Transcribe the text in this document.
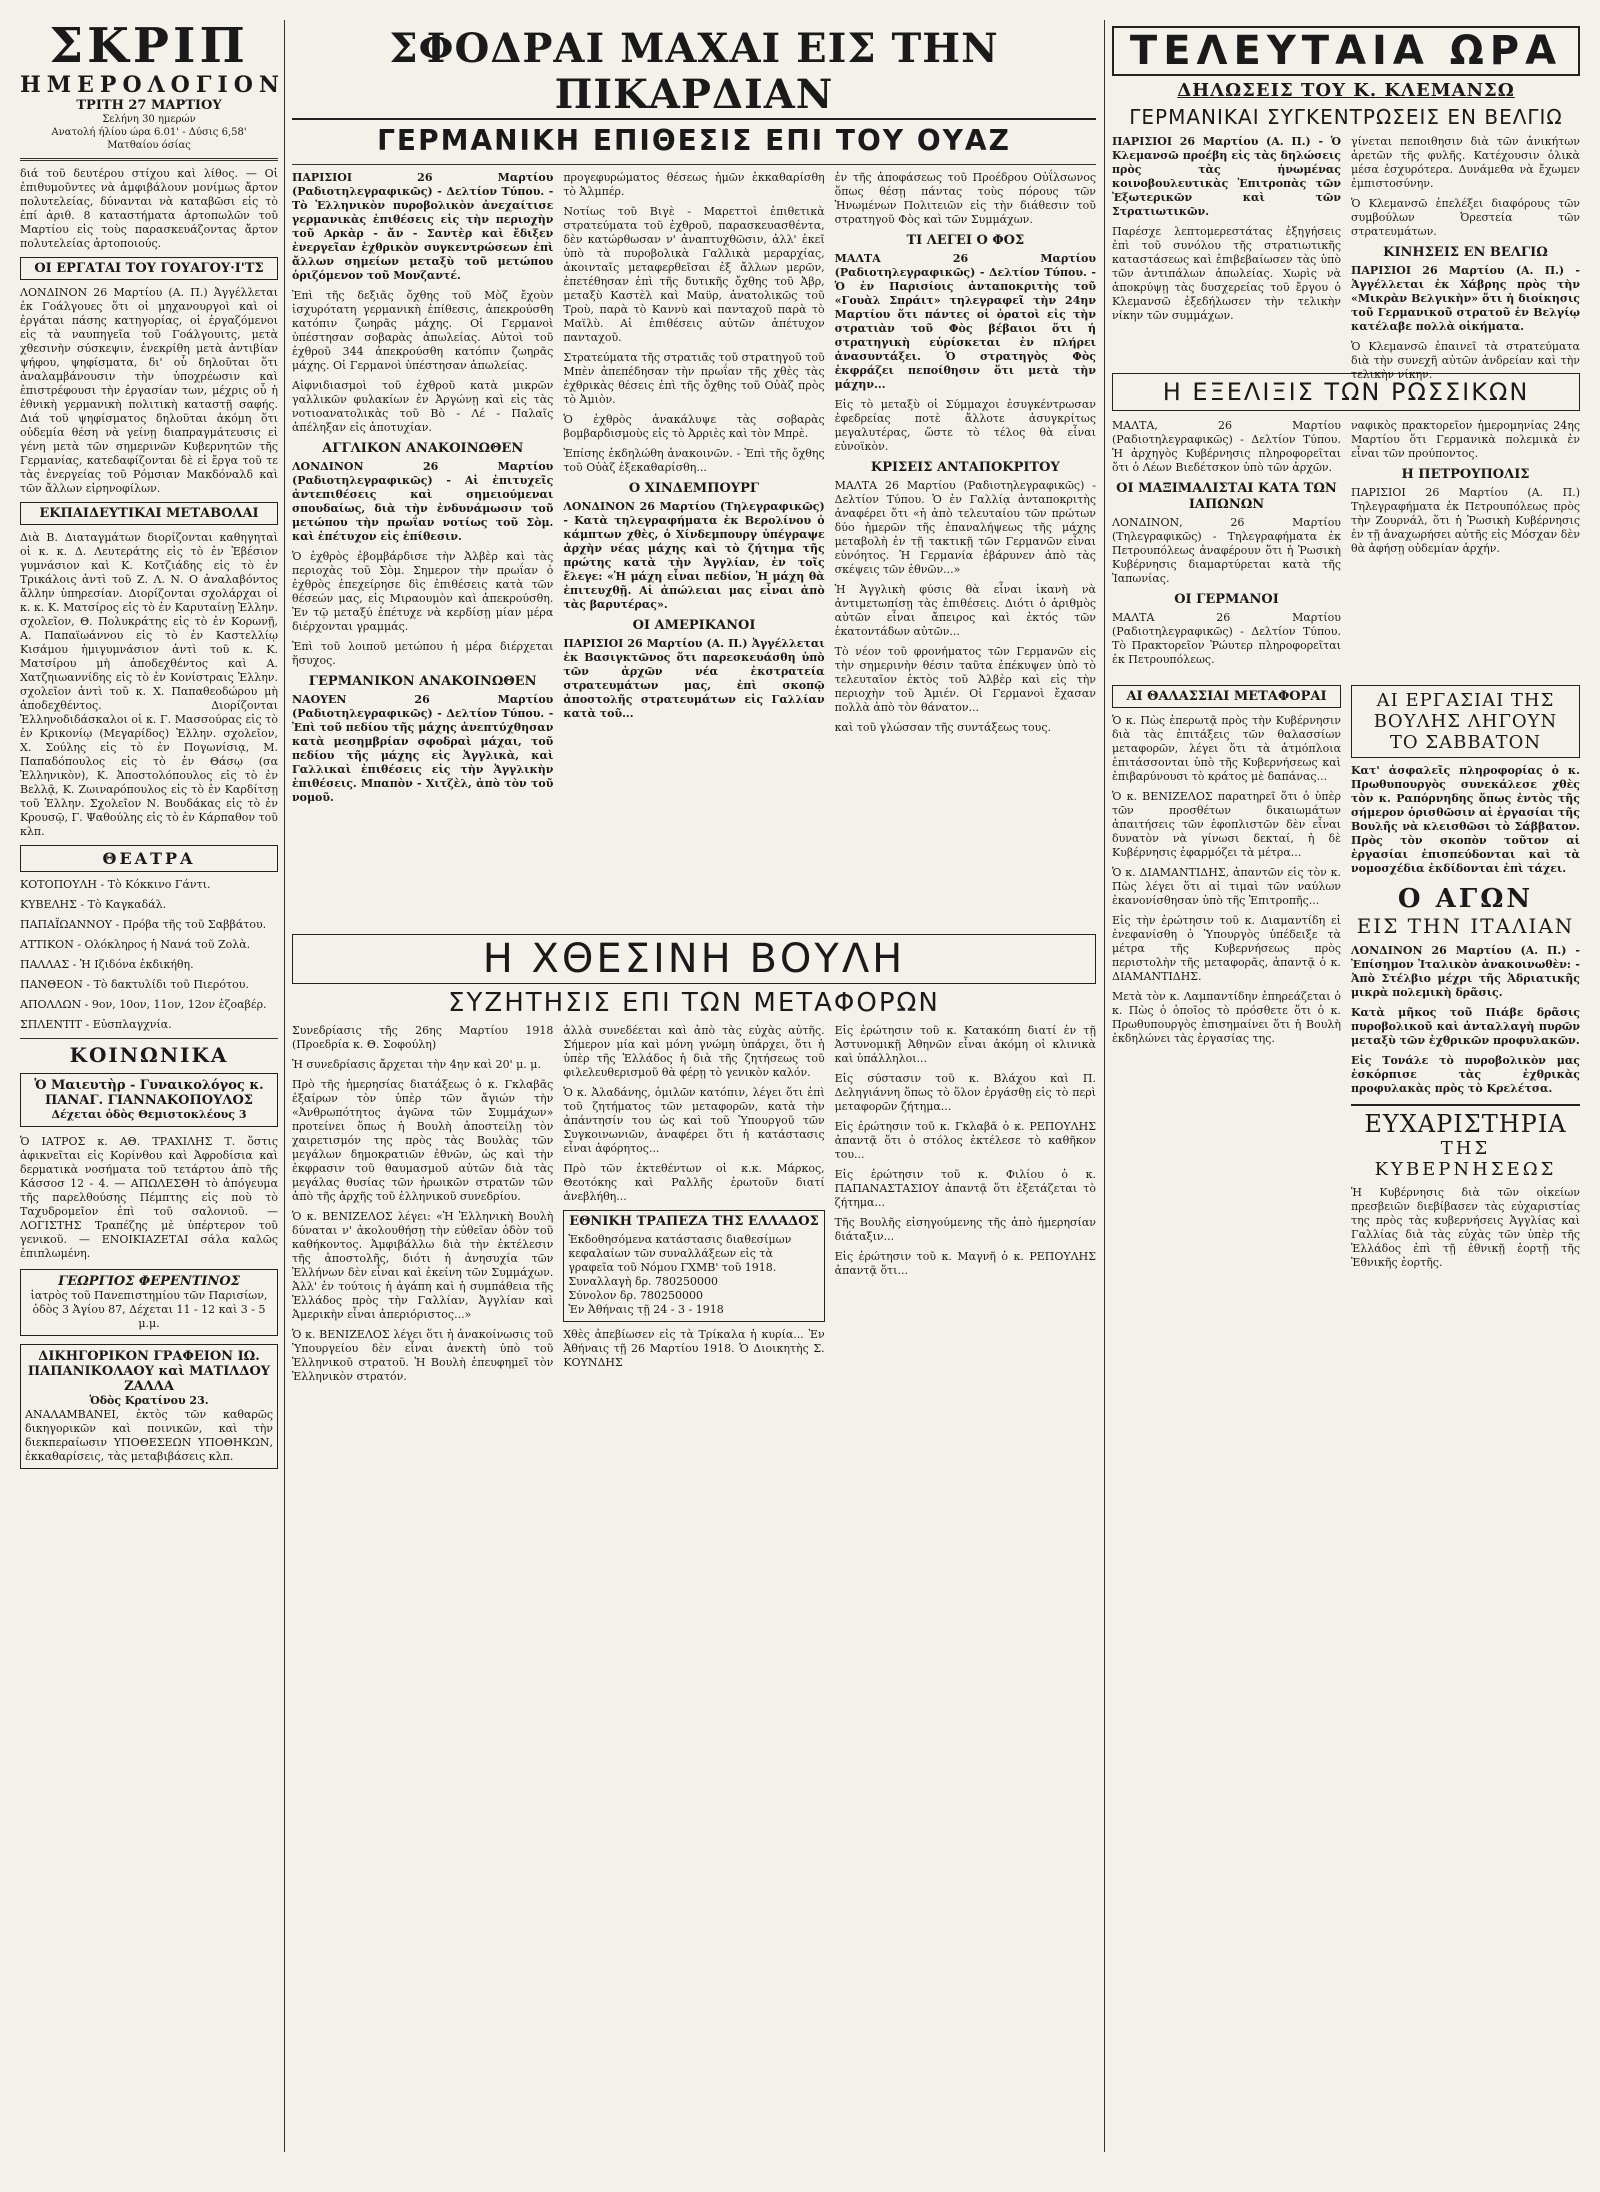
ΣΚΡΙΠ
ΗΜΕΡΟΛΟΓΙΟΝ
ΤΡΙΤΗ 27 ΜΑΡΤΙΟΥ
Σελήνη 30 ημερών
Ανατολή ήλίου ώρα 6.01' - Δύσις 6,58'
Ματθαίου όσίας

διά τοῦ δευτέρου στίχου καὶ λίθος. — Οἱ ἐπιθυμοῦντες νὰ ἀμφιβάλουν μονίμως ἄρτον πολυτελείας, δύνανται νὰ καταβῶσι εἰς τὸ ἐπί ἀριθ. 8 καταστήματα ἀρτοπωλῶν τοῦ Μαρτίου εἰς τοὺς παρασκευάζοντας ἄρτον πολυτελείας ἀρτοποιούς.

ΟΙ ΕΡΓΑΤΑΙ ΤΟΥ ΓΟΥΑΓΟΥ·Ι'ΤΣ

ΛΟΝΔΙΝΟΝ 26 Μαρτίου (Α. Π.) Ἀγγέλλεται ἐκ Γοάλγουες ὅτι οἱ μηχανουργοὶ καὶ οἱ ἐργάται πάσης κατηγορίας, οἱ ἐργαζόμενοι εἰς τὰ ναυπηγεῖα τοῦ Γοάλγουιτς, μετὰ χθεσινὴν σύσκεψιν, ἐνεκρίθη μετὰ ἀντιβίαν ψήφου, ψηφίσματα, δι' οὗ δηλοῦται ὅτι ἀναλαμβάνουσιν τὴν ὑποχρέωσιν καὶ ἐπιστρέφουσι τὴν ἐργασίαν των, μέχρις οὗ ἡ ἐθνικὴ γερμανικὴ πολιτικὴ καταστῇ σαφής. Διά τοῦ ψηφίσματος δηλοῦται ἀκόμη ὅτι οὐδεμία θέση νὰ γείνῃ διαπραγμάτευσις εἰ γένη μετὰ τῶν σημερινῶν Κυβερνητῶν τῆς Γερμανίας, κατεδαφίζονται δὲ εἰ ἔργα τοῦ τε τὰς ἐνεργείας τοῦ Ρόμσιαν Μακδόναλδ καὶ τῶν ἄλλων εἰρηνοφίλων.

ΕΚΠΑΙΔΕΥΤΙΚΑΙ ΜΕΤΑΒΟΛΑΙ

Διὰ Β. Διαταγμάτων διορίζονται καθηγηταὶ οἱ κ. κ. Δ. Λευτεράτης εἰς τὸ ἐν Ἐβέσιον γυμνάσιον καὶ Κ. Κοτζιάδης εἰς τὸ ἐν Τρικάλοις ἀντὶ τοῦ Ζ. Λ. Ν. Ο ἀναλαβόντος ἄλλην ὑπηρεσίαν. Διορίζονται σχολάρχαι οἱ κ. κ. Κ. Ματσίρος εἰς τὸ ἐν Καρυταίνῃ Ἑλλην. σχολεῖον, Θ. Πολυκράτης εἰς τὸ ἐν Κορωνῇ, Α. Παπαϊωάννου εἰς τὸ ἐν Καστελλίῳ Κισάμου ἡμιγυμνάσιον ἀντὶ τοῦ κ. Κ. Ματσίρου μὴ ἀποδεχθέντος καὶ Α. Χατζηιωαννίδης εἰς τὸ ἐν Κονίστραις Ἑλλην. σχολεῖον ἀντὶ τοῦ κ. Χ. Παπαθεοδώρου μὴ ἀποδεχθέντος. Διορίζονται Ἑλληνοδιδάσκαλοι οἱ κ. Γ. Μασσούρας εἰς τὸ ἐν Κρικονίῳ (Μεγαρίδος) Ἑλλην. σχολεῖον, Χ. Σούλης εἰς τὸ ἐν Πογωνίσιᾳ, Μ. Παπαδόπουλος εἰς τὸ ἐν Θάσῳ (σα Ἑλληνικὸν), Κ. Ἀποστολόπουλος εἰς τὸ ἐν Βελλᾷ, Κ. Ζωιναρόπουλος εἰς τὸ ἐν Καρδίτσῃ τοῦ Ἑλλην. Σχολεῖον Ν. Βουδάκας εἰς τὸ ἐν Κρουσῷ, Γ. Ψαθούλης εἰς τὸ ἐν Κάρπαθον τοῦ κλπ.

ΘΕΑΤΡΑ
ΚΟΤΟΠΟΥΛΗ - Τὸ Κόκκινο Γάντι.
ΚΥΒΕΛΗΣ - Τὸ Καγκαδάλ.
ΠΑΠΑΪΩΑΝΝΟΥ - Πρόβα τῆς τοῦ Σαββάτου.
ΑΤΤΙΚΟΝ - Ολόκληρος ἡ Νανά τοῦ Ζολὰ.
ΠΑΛΛΑΣ - Ἡ Ιζιδόνα ἐκδικήθη.
ΠΑΝΘΕΟΝ - Τὸ δακτυλίδι τοῦ Πιερότου.
ΑΠΟΛΛΩΝ - 9ον, 10ον, 11ον, 12ον ἐζοαβέρ.
ΣΠΛΕΝΤΙΤ - Εὐσπλαγχνία.
ΚΟΙΝΩΝΙΚΑ
Ὁ Μαιευτὴρ - Γυναικολόγος κ. ΠΑΝΑΓ. ΓΙΑΝΝΑΚΟΠΟΥΛΟΣ
Δέχεται ὁδὸς Θεμιστοκλέους 3

Ὁ ΙΑΤΡΟΣ κ. ΑΘ. ΤΡΑΧΙΛΗΣ Τ. ὅστις ἀφικνεῖται εἰς Κορίνθου καὶ Ἀφροδίσια καὶ δερματικὰ νοσήματα τοῦ τετάρτου ἀπὸ τῆς Κάσσοσ 12 - 4. — ΑΠΩΛΕΣΘΗ τὸ ἀπόγευμα τῆς παρελθούσης Πέμπτης εἰς ποὺ τὸ Ταχυδρομεῖον ἐπὶ τοῦ σαλονιοῦ. — ΛΟΓΙΣΤΗΣ Τραπέζης μὲ ὑπέρτερον τοῦ γενικοῦ. — ΕΝΟΙΚΙΑΖΕΤΑΙ σάλα καλῶς ἐπιπλωμένη.

ΓΕΩΡΓΙΟΣ ΦΕΡΕΝΤΙΝΟΣ
ἰατρὸς τοῦ Πανεπιστημίου τῶν Παρισίων, ὁδὸς 3 Ἀγίου 87, Δέχεται 11 - 12 καὶ 3 - 5 μ.μ.
ΔΙΚΗΓΟΡΙΚΟΝ ΓΡΑΦΕΙΟΝ ΙΩ. ΠΑΠΑΝΙΚΟΛΑΟΥ καὶ ΜΑΤΙΛΔΟΥ ΖΑΛΛΑ
Ὁδὸς Κρατίνου 23.
ΑΝΑΛΑΜΒΑΝΕΙ, ἐκτὸς τῶν καθαρῶς δικηγορικῶν καὶ ποινικῶν, καὶ τὴν διεκπεραίωσιν ΥΠΟΘΕΣΕΩΝ ΥΠΟΘΗΚΩΝ, ἐκκαθαρίσεις, τὰς μεταβιβάσεις κλπ.
ΣΦΟΔΡΑΙ ΜΑΧΑΙ ΕΙΣ ΤΗΝ ΠΙΚΑΡΔΙΑΝ
ΓΕΡΜΑΝΙΚΗ ΕΠΙΘΕΣΙΣ ΕΠΙ ΤΟΥ ΟΥΑΖ

ΠΑΡΙΣΙΟΙ 26 Μαρτίου (Ραδιοτηλεγραφικῶς) - Δελτίον Τύπου. - Τὸ Ἑλληνικὸν πυροβολικὸν ἀνεχαίτισε γερμανικὰς ἐπιθέσεις εἰς τὴν περιοχὴν τοῦ Αρκὰρ - ἄν - Σαντὲρ καὶ ἔδιξεν ἐνεργεῖαν ἐχθρικὸν συγκεντρώσεων ἐπὶ ἄλλων σημείων μεταξὺ τοῦ μετώπου ὁριζόμενον τοῦ Μονζαντέ.

Ἐπὶ τῆς δεξιᾶς ὄχθης τοῦ Μὸζ ἔχοὺν ἰσχυρότατη γερμανικὴ ἐπίθεσις, ἀπεκρούσθη κατόπιν ζωηρᾶς μάχης. Οἱ Γερμανοὶ ὑπέστησαν σοβαρὰς ἀπωλείας. Αὐτοὶ τοῦ ἐχθροῦ 344 ἀπεκρούσθη κατόπιν ζωηρᾶς μάχης. Οἱ Γερμανοὶ ὑπέστησαν ἀπωλείας.

Αἰφνιδιασμοὶ τοῦ ἐχθροῦ κατὰ μικρῶν γαλλικῶν φυλακίων ἐν Ἀργώνῃ καὶ εἰς τὰς νοτιοανατολικὰς τοῦ Βὸ - Λέ - Παλαῖς ἀπέληξαν εἰς ἀποτυχίαν.

ΑΓΓΛΙΚΟΝ ΑΝΑΚΟΙΝΩΘΕΝ

ΛΟΝΔΙΝΟΝ 26 Μαρτίου (Ραδιοτηλεγραφικῶς) - Αἱ ἐπιτυχεῖς ἀντεπιθέσεις καὶ σημειούμεναι σπουδαίως, διὰ τὴν ἐνδυνάμωσιν τοῦ μετώπου τὴν πρωΐαν νοτίως τοῦ Σὸμ. καὶ ἐπέτυχον εἰς ἐπίθεσιν.

Ὁ ἐχθρὸς ἐβομβάρδισε τὴν Ἀλβὲρ καὶ τὰς περιοχὰς τοῦ Σὸμ. Σημερον τὴν πρωΐαν ὁ ἐχθρὸς ἐπεχείρησε δὶς ἐπιθέσεις κατὰ τῶν θέσεών μας, εἰς Μιραουμὸν καὶ ἀπεκρούσθη. Ἐν τῷ μεταξύ ἐπέτυχε νὰ κερδίσῃ μίαν μέρα διέρχονται γραμμάς.

Ἐπὶ τοῦ λοιποῦ μετώπου ἡ μέρα διέρχεται ἥσυχος.

ΓΕΡΜΑΝΙΚΟΝ ΑΝΑΚΟΙΝΩΘΕΝ

ΝΑΟΥΕΝ 26 Μαρτίου (Ραδιοτηλεγραφικῶς) - Δελτίον Τύπου. - Ἐπὶ τοῦ πεδίου τῆς μάχης ἀνεπτύχθησαν κατὰ μεσημβρίαν σφοδραὶ μάχαι, τοῦ πεδίου τῆς μάχης εἰς Ἀγγλικὰ, καὶ Γαλλικαὶ ἐπιθέσεις εἰς τὴν Ἀγγλικὴν ἐπιθέσεις. Μπαπὸν - Χιτζὲλ, ἀπὸ τὸν τοῦ νομοῦ.

προγεφυρώματος θέσεως ἡμῶν ἐκκαθαρίσθη τὸ Ἁλμπέρ.

Νοτίως τοῦ Βιγὲ - Μαρεττοὶ ἐπιθετικὰ στρατεύματα τοῦ ἐχθροῦ, παρασκευασθέντα, δὲν κατώρθωσαν ν' ἀναπτυχθῶσιν, ἀλλ' ἐκεῖ ὑπὸ τὰ πυροβολικὰ Γαλλικὰ μεραρχίας, ἀκοινταῖς μεταφερθεῖσαι ἐξ ἄλλων μερῶν, ἐπετέθησαν ἐπὶ τῆς δυτικῆς ὄχθης τοῦ Ἀβρ, μεταξὺ Καστὲλ καὶ Μαϋρ, ἀνατολικῶς τοῦ Τροὺ, παρὰ τὸ Καννὺ καὶ πανταχοῦ παρὰ τὸ Μαϊλὺ. Αἱ ἐπιθέσεις αὐτῶν ἀπέτυχον πανταχοῦ.

Στρατεύματα τῆς στρατιᾶς τοῦ στρατηγοῦ τοῦ Μπὲν ἀπεπέδησαν τὴν πρωΐαν τῆς χθὲς τὰς ἐχθρικὰς θέσεις ἐπὶ τῆς ὄχθης τοῦ Οὐὰζ πρὸς τὸ Ἀμιὸν.

Ὁ ἐχθρὸς ἀνακάλυψε τὰς σοβαρὰς βομβαρδισμοὺς εἰς τὸ Ἀρριὲς καὶ τὸν Μπρὲ.

Ἐπίσης ἐκδηλώθη ἀνακοινῶν. - Ἐπὶ τῆς ὄχθης τοῦ Οὐὰζ ἐξεκαθαρίσθη...

Ο ΧΙΝΔΕΜΠΟΥΡΓ

ΛΟΝΔΙΝΟΝ 26 Μαρτίου (Τηλεγραφικῶς) - Κατὰ τηλεγραφήματα ἐκ Βερολίνου ὁ κάμπτων χθὲς, ὁ Χίνδεμπουργ ὑπέγραψε ἀρχὴν νέας μάχης καὶ τὸ ζήτημα τῆς πρώτης κατὰ τὴν Ἀγγλίαν, ἐν τοῖς ἔλεγε: «Ἡ μάχη εἶναι πεδίον, Ἡ μάχη θὰ ἐπιτευχθῇ. Αἱ ἀπώλειαι μας εἶναι ἀπὸ τὰς βαρυτέρας».

ΟΙ ΑΜΕΡΙΚΑΝΟΙ

ΠΑΡΙΣΙΟΙ 26 Μαρτίου (Α. Π.) Ἀγγέλλεται ἐκ Βασιγκτῶνος ὅτι παρεσκευάσθη ὑπὸ τῶν ἀρχῶν νέα ἐκστρατεία στρατευμάτων μας, ἐπὶ σκοπῷ ἀποστολῆς στρατευμάτων εἰς Γαλλίαν κατὰ τοῦ...

ἐν τῆς ἀποφάσεως τοῦ Προέδρου Οὐΐλσωνος ὅπως θέσῃ πάντας τοὺς πόρους τῶν Ἡνωμένων Πολιτειῶν εἰς τὴν διάθεσιν τοῦ στρατηγοῦ Φὸς καὶ τῶν Συμμάχων.

ΤΙ ΛΕΓΕΙ Ο ΦΟΣ

ΜΑΛΤΑ 26 Μαρτίου (Ραδιοτηλεγραφικῶς) - Δελτίον Τύπου. - Ὁ ἐν Παρισίοις ἀνταποκριτὴς τοῦ «Γουὰλ Σπράιτ» τηλεγραφεῖ τὴν 24ην Μαρτίου ὅτι πάντες οἱ ὀρατοὶ εἰς τὴν στρατιὰν τοῦ Φὸς βέβαιοι ὅτι ἡ στρατηγικὴ εὑρίσκεται ἐν πλήρει ἀνασυντάξει. Ὁ στρατηγὸς Φὸς ἐκφράζει πεποίθησιν ὅτι μετὰ τὴν μάχην...

Εἰς τὸ μεταξὺ οἱ Σύμμαχοι ἐσυγκέντρωσαν ἐφεδρείας ποτὲ ἄλλοτε ἀσυγκρίτως μεγαλυτέρας, ὥστε τὸ τέλος θὰ εἶναι εὐνοϊκὸν.

ΚΡΙΣΕΙΣ ΑΝΤΑΠΟΚΡΙΤΟΥ

ΜΑΛΤΑ 26 Μαρτίου (Ραδιοτηλεγραφικῶς) - Δελτίον Τύπου. Ὁ ἐν Γαλλίᾳ ἀνταποκριτὴς ἀναφέρει ὅτι «ἡ ἀπὸ τελευταίου τῶν πρώτων δύο ἡμερῶν τῆς ἐπαναλήψεως τῆς μάχης μεταβολὴ ἐν τῇ τακτικῇ τῶν Γερμανῶν εἶναι εὐνόητος. Ἡ Γερμανία ἐβάρυνεν ἀπὸ τὰς σκέψεις τῶν ἐθνῶν...»

Ἡ Ἀγγλικὴ φύσις θὰ εἶναι ἱκανὴ νὰ ἀντιμετωπίσῃ τὰς ἐπιθέσεις. Διότι ὁ ἀριθμὸς αὐτῶν εἶναι ἄπειρος καὶ ἐκτός τῶν ἑκατοντάδων αὐτῶν...

Τὸ νέον τοῦ φρονήματος τῶν Γερμανῶν εἰς τὴν σημερινὴν θέσιν ταῦτα ἐπέκυψεν ὑπὸ τὸ τελευταῖον ἐκτὸς τοῦ Ἀλβὲρ καὶ εἰς τὴν περιοχὴν τοῦ Ἁμιέν. Οἱ Γερμανοὶ ἔχασαν πολλὰ ἀπὸ τὸν θάνατον...

καὶ τοῦ γλώσσαν τῆς συντάξεως τους.

Η ΧΘΕΣΙΝΗ ΒΟΥΛΗ
ΣΥΖΗΤΗΣΙΣ ΕΠΙ ΤΩΝ ΜΕΤΑΦΟΡΩΝ

Συνεδρίασις τῆς 26ης Μαρτίου 1918 (Προεδρία κ. Θ. Σοφούλη)

Ἡ συνεδρίασις ἄρχεται τὴν 4ην καὶ 20' μ. μ.

Πρὸ τῆς ἡμερησίας διατάξεως ὁ κ. Γκλαβᾶς ἐξαίρων τὸν ὑπὲρ τῶν ἄγιών τὴν «Ἀνθρωπότητος ἀγῶνα τῶν Συμμάχων» προτείνει ὅπως ἡ Βουλὴ ἀποστείλῃ τὸν χαιρετισμόν της πρὸς τὰς Βουλὰς τῶν μεγάλων δημοκρατιῶν ἐθνῶν, ὡς καὶ τὴν ἐκφρασιν τοῦ θαυμασμοῦ αὐτῶν διὰ τὰς μεγάλας θυσίας τῶν ἡρωικῶν στρατῶν τῶν ἀπὸ τῆς ἀρχῆς τοῦ ἑλληνικοῦ συνεδρίου.

Ὁ κ. ΒΕΝΙΖΕΛΟΣ λέγει: «Ἡ Ἑλληνικὴ Βουλὴ δύναται ν' ἀκολουθήσῃ τὴν εὐθεῖαν ὁδὸν τοῦ καθήκοντος. Ἀμφιβάλλω διὰ τὴν ἐκτέλεσιν τῆς ἀποστολῆς, διότι ἡ ἀνησυχία τῶν Ἑλλήνων δὲν εἶναι καὶ ἐκείνη τῶν Συμμάχων. Ἀλλ' ἐν τούτοις ἡ ἀγάπη καὶ ἡ συμπάθεια τῆς Ἑλλάδος πρὸς τὴν Γαλλίαν, Ἀγγλίαν καὶ Ἀμερικὴν εἶναι ἀπεριόριστος...»

Ὁ κ. ΒΕΝΙΖΕΛΟΣ λέγει ὅτι ἡ ἀνακοίνωσις τοῦ Ὑπουργείου δὲν εἶναι ἀνεκτὴ ὑπὸ τοῦ Ἑλληνικοῦ στρατοῦ. Ἡ Βουλὴ ἐπευφημεῖ τὸν Ἑλληνικὸν στρατόν.

ἀλλὰ συνεδέεται καὶ ἀπὸ τὰς εὐχὰς αὐτῆς. Σήμερον μία καὶ μόνη γνώμη ὑπάρχει, ὅτι ἡ ὑπὲρ τῆς Ἑλλάδος ἡ διὰ τῆς ζητήσεως τοῦ φιλελευθερισμοῦ θὰ φέρῃ τὸ γενικὸν καλόν.

Ὁ κ. Ἀλαδάνης, ὁμιλῶν κατόπιν, λέγει ὅτι ἐπὶ τοῦ ζητήματος τῶν μεταφορῶν, κατὰ τὴν ἀπάντησίν του ὡς καὶ τοῦ Ὑπουργοῦ τῶν Συγκοινωνιῶν, ἀναφέρει ὅτι ἡ κατάστασις εἶναι ἀφόρητος...

Πρὸ τῶν ἐκτεθέντων οἱ κ.κ. Μάρκος, Θεοτόκης καὶ Ραλλῆς ἐρωτοῦν διατί ἀνεβλήθη...

ΕΘΝΙΚΗ ΤΡΑΠΕΖΑ ΤΗΣ ΕΛΛΑΔΟΣ
Ἐκδοθησόμενα κατάστασις διαθεσίμων κεφαλαίων τῶν συναλλάξεων εἰς τὰ γραφεῖα τοῦ Νόμου ΓΧΜΒ' τοῦ 1918.
Συναλλαγὴ δρ. 780250000
Σύνολον δρ. 780250000
Ἐν Ἀθήναις τῇ 24 - 3 - 1918

Χθὲς ἀπεβίωσεν εἰς τὰ Τρίκαλα ἡ κυρία... Ἐν Ἀθήναις τῇ 26 Μαρτίου 1918. Ὁ Διοικητὴς Σ. ΚΟΥΝΔΗΣ

Εἰς ἐρώτησιν τοῦ κ. Κατακόπη διατί ἐν τῇ Ἀστυνομικῇ Ἀθηνῶν εἶναι ἀκόμη οἱ κλινικὰ καὶ ὑπάλληλοι...

Εἰς σύστασιν τοῦ κ. Βλάχου καὶ Π. Δεληγιάννη ὅπως τὸ ὅλον ἐργάσθῃ εἰς τὸ περὶ μεταφορῶν ζήτημα...

Εἰς ἐρώτησιν τοῦ κ. Γκλαβᾶ ὁ κ. ΡΕΠΟΥΛΗΣ ἀπαντᾷ ὅτι ὁ στόλος ἐκτέλεσε τὸ καθῆκον του...

Εἰς ἐρώτησιν τοῦ κ. Φιλίου ὁ κ. ΠΑΠΑΝΑΣΤΑΣΙΟΥ ἀπαντᾷ ὅτι ἐξετάζεται τὸ ζήτημα...

Τῆς Βουλῆς εἰσηγούμενης τῆς ἀπὸ ἡμερησίαν διάταξιν...

Εἰς ἐρώτησιν τοῦ κ. Μαγνῆ ὁ κ. ΡΕΠΟΥΛΗΣ ἀπαντᾷ ὅτι...

ΤΕΛΕΥΤΑΙΑ ΩΡΑ
ΔΗΛΩΣΕΙΣ ΤΟΥ Κ. ΚΛΕΜΑΝΣΩ
ΓΕΡΜΑΝΙΚΑΙ ΣΥΓΚΕΝΤΡΩΣΕΙΣ ΕΝ ΒΕΛΓΙΩ

ΠΑΡΙΣΙΟΙ 26 Μαρτίου (Α. Π.) - Ὁ Κλεμανσῶ προέβη εἰς τὰς δηλώσεις πρὸς τὰς ἡνωμένας κοινοβουλευτικὰς Ἐπιτροπὰς τῶν Ἐξωτερικῶν καὶ τῶν Στρατιωτικῶν.

Παρέσχε λεπτομερεστάτας ἐξηγήσεις ἐπὶ τοῦ συνόλου τῆς στρατιωτικῆς καταστάσεως καὶ ἐπιβεβαίωσεν τὰς ὑπὸ τῶν ἀντιπάλων ἀπωλείας. Χωρὶς νὰ ἀποκρύψῃ τὰς δυσχερείας τοῦ ἔργου ὁ Κλεμανσῶ ἐξεδήλωσεν τὴν τελικὴν νίκην τῶν συμμάχων.

γίνεται πεποιθησιν διὰ τῶν ἀνικήτων ἀρετῶν τῆς φυλῆς. Κατέχουσιν ὁλικὰ μέσα ἐσχυρότερα. Δυνάμεθα νὰ ἔχωμεν ἐμπιστοσύνην.

Ὁ Κλεμανσῶ ἐπελέξει διαφόρους τῶν συμβούλων Ὀρεστεία τῶν στρατευμάτων.

ΚΙΝΗΣΕΙΣ ΕΝ ΒΕΛΓΙΩ

ΠΑΡΙΣΙΟΙ 26 Μαρτίου (Α. Π.) - Ἀγγέλλεται ἐκ Χάβρης πρὸς τὴν «Μικρὰν Βελγικὴν» ὅτι ἡ διοίκησις τοῦ Γερμανικοῦ στρατοῦ ἐν Βελγίῳ κατέλαβε πολλὰ οἰκήματα.

Ὁ Κλεμανσῶ ἐπαινεῖ τὰ στρατεύματα διὰ τὴν συνεχῆ αὐτῶν ἀνδρείαν καὶ τὴν τελικὴν νίκην.

Η ΕΞΕΛΙΞΙΣ ΤΩΝ ΡΩΣΣΙΚΩΝ

ΜΑΛΤΑ, 26 Μαρτίου (Ραδιοτηλεγραφικῶς) - Δελτίον Τύπου. Ἡ ἀρχηγὸς Κυβέρνησις πληροφορεῖται ὅτι ὁ Λέων Βιεδέτσκον ὑπὸ τῶν ἀρχῶν.

ΟΙ ΜΑΞΙΜΑΛΙΣΤΑΙ ΚΑΤΑ ΤΩΝ ΙΑΠΩΝΩΝ

ΛΟΝΔΙΝΟΝ, 26 Μαρτίου (Τηλεγραφικῶς) - Τηλεγραφήματα ἐκ Πετρουπόλεως ἀναφέρουν ὅτι ἡ Ῥωσικὴ Κυβέρνησις διαμαρτύρεται κατὰ τῆς Ἰαπωνίας.

ΟΙ ΓΕΡΜΑΝΟΙ

ΜΑΛΤΑ 26 Μαρτίου (Ραδιοτηλεγραφικῶς) - Δελτίον Τύπου. Τὸ Πρακτορεῖον Ῥώυτερ πληροφορεῖται ἐκ Πετρουπόλεως.

ναφικὸς πρακτορεῖον ἡμερομηνίας 24ης Μαρτίου ὅτι Γερμανικὰ πολεμικὰ ἐν εἶναι τῶν προύποντος.

Η ΠΕΤΡΟΥΠΟΛΙΣ

ΠΑΡΙΣΙΟΙ 26 Μαρτίου (Α. Π.) Τηλεγραφήματα ἐκ Πετρουπόλεως πρὸς τὴν Ζουρνάλ, ὅτι ἡ Ῥωσικὴ Κυβέρνησις ἐν τῇ ἀναχωρήσει αὐτῆς εἰς Μόσχαν δὲν θὰ ἀφήσῃ οὐδεμίαν ἀρχήν.

ΑΙ ΘΑΛΑΣΣΙΑΙ ΜΕΤΑΦΟΡΑΙ

Ὁ κ. Πὼς ἐπερωτᾷ πρὸς τὴν Κυβέρνησιν διὰ τὰς ἐπιτάξεις τῶν θαλασσίων μεταφορῶν, λέγει ὅτι τὰ ἀτμόπλοια ἐπιτάσσονται ὑπὸ τῆς Κυβερνήσεως καὶ ἐπιβαρύνουσι τὸ κράτος μὲ δαπάνας...

Ὁ κ. ΒΕΝΙΖΕΛΟΣ παρατηρεῖ ὅτι ὁ ὑπὲρ τῶν προσθέτων δικαιωμάτων ἀπαιτήσεις τῶν ἐφοπλιστῶν δὲν εἶναι δυνατὸν νὰ γίνωσι δεκταί, ἡ δὲ Κυβέρνησις ἐφαρμόζει τὰ μέτρα...

Ὁ κ. ΔΙΑΜΑΝΤΙΔΗΣ, ἀπαντῶν εἰς τὸν κ. Πὼς λέγει ὅτι αἱ τιμαὶ τῶν ναύλων ἐκανονίσθησαν ὑπὸ τῆς Ἐπιτροπῆς...

Εἰς τὴν ἐρώτησιν τοῦ κ. Διαμαντίδη εἰ ἐνεφανίσθη ὁ Ὑπουργὸς ὑπέδειξε τὰ μέτρα τῆς Κυβερνήσεως πρὸς περιστολὴν τῆς μεταφορᾶς, ἀπαντᾷ ὁ κ. ΔΙΑΜΑΝΤΙΔΗΣ.

Μετὰ τὸν κ. Λαμπαντίδην ἐπηρεάζεται ὁ κ. Πὼς ὁ ὁποῖος τὸ πρόσθετε ὅτι ὁ κ. Πρωθυπουργὸς ἐπισημαίνει ὅτι ἡ Βουλὴ ἐκδηλώνει τὰς ἐργασίας της.

ΑΙ ΕΡΓΑΣΙΑΙ ΤΗΣ ΒΟΥΛΗΣ ΛΗΓΟΥΝ ΤΟ ΣΑΒΒΑΤΟΝ

Κατ' ἀσφαλεῖς πληροφορίας ὁ κ. Πρωθυπουργὸς συνεκάλεσε χθὲς τὸν κ. Ραπόρνηδης ὅπως ἐντὸς τῆς σήμερον ὁρισθῶσιν αἱ ἐργασίαι τῆς Βουλῆς νὰ κλεισθῶσι τὸ Σάββατον. Πρὸς τὸν σκοπὸν τοῦτον αἱ ἐργασίαι ἐπισπεύδονται καὶ τὰ νομοσχέδια ἐκδίδονται ἐπὶ τάχει.

Ο ΑΓΩΝ
ΕΙΣ ΤΗΝ ΙΤΑΛΙΑΝ

ΛΟΝΔΙΝΟΝ 26 Μαρτίου (Α. Π.) - Ἐπίσημον Ἰταλικὸν ἀνακοινωθὲν: - Ἀπὸ Στέλβιο μέχρι τῆς Ἀδριατικῆς μικρὰ πολεμικὴ δρᾶσις.

Κατὰ μῆκος τοῦ Πιάβε δρᾶσις πυροβολικοῦ καὶ ἀνταλλαγὴ πυρῶν μεταξὺ τῶν ἐχθρικῶν προφυλακῶν.

Εἰς Τονάλε τὸ πυροβολικὸν μας ἐσκόρπισε τὰς ἐχθρικὰς προφυλακὰς πρὸς τὸ Κρελέτσα.

ΕΥΧΑΡΙΣΤΗΡΙΑ
ΤΗΣ ΚΥΒΕΡΝΗΣΕΩΣ

Ἡ Κυβέρνησις διὰ τῶν οἰκείων πρεσβειῶν διεβίβασεν τὰς εὐχαριστίας της πρὸς τὰς κυβερνήσεις Ἀγγλίας καὶ Γαλλίας διὰ τὰς εὐχὰς τῶν ὑπὲρ τῆς Ἑλλάδος ἐπὶ τῇ ἐθνικῇ ἑορτῇ τῆς Ἐθνικῆς ἑορτῆς.
